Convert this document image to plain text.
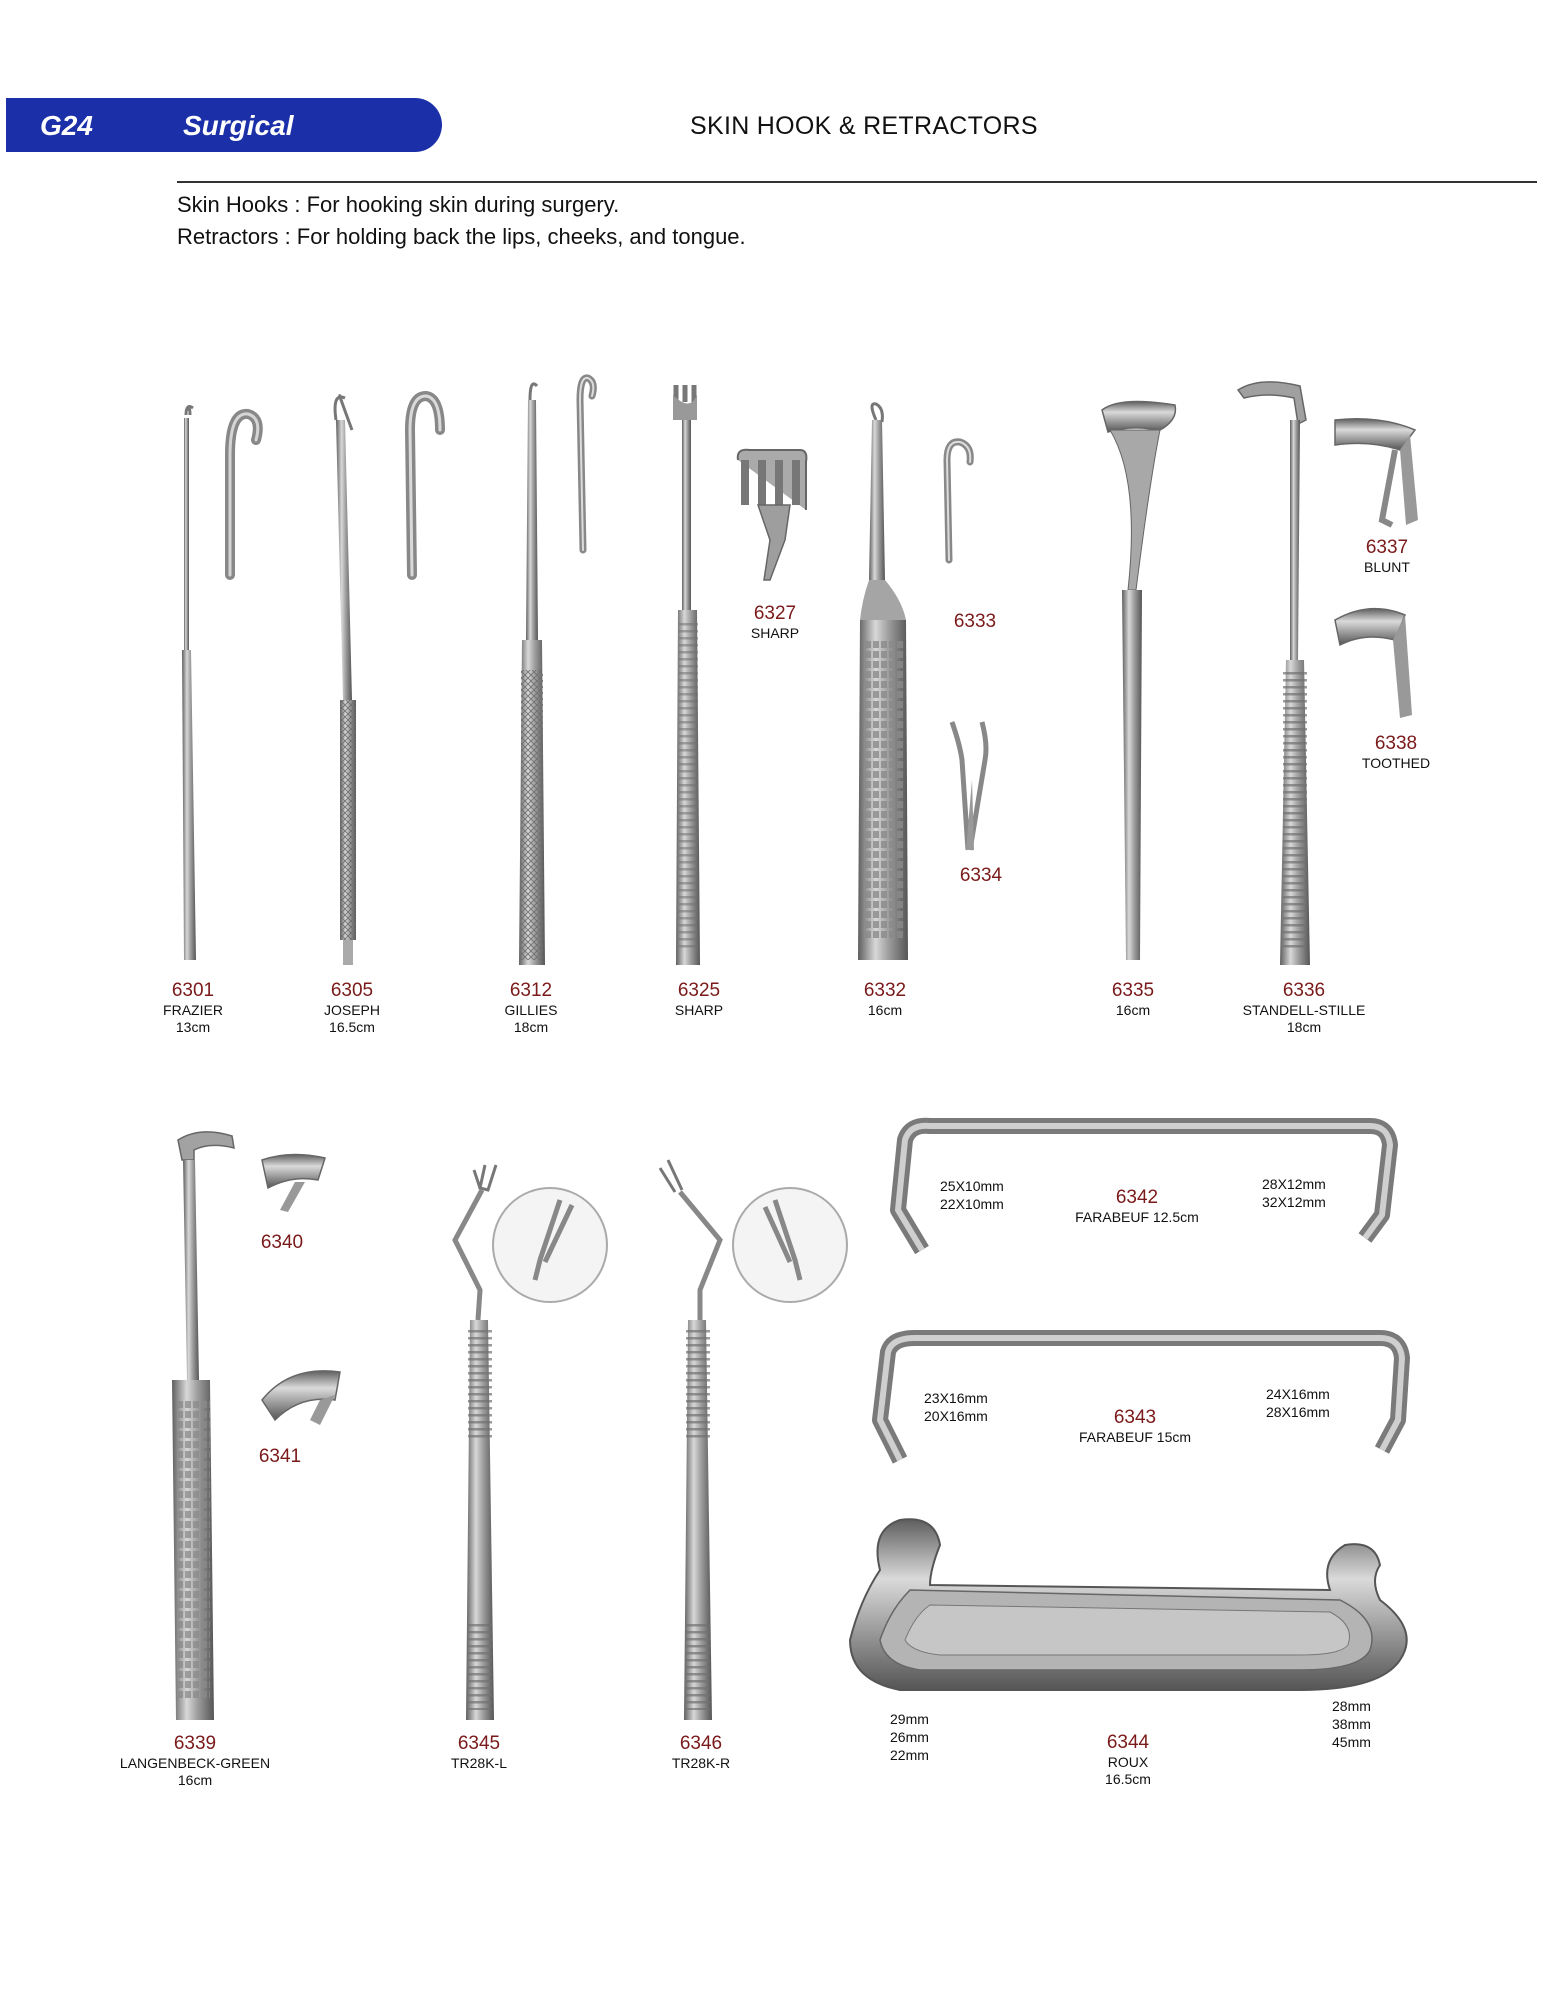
G24	Surgical	SKIN HOOK & RETRACTORS
Skin Hooks : For hooking skin during surgery.
Retractors : For holding back the lips, cheeks, and tongue.
6301
FRAZIER
13cm
6305
JOSEPH
16.5cm
6312
GILLIES
18cm
6325
SHARP
6327
SHARP
6332
16cm
6333
6334
6335
16cm
6336
STANDELL-STILLE
18cm
6337
BLUNT
6338
TOOTHED
6339
LANGENBECK-GREEN
16cm
6340
6341
6345
TR28K-L
6346
TR28K-R
25X10mm
22X10mm	6342
FARABEUF 12.5cm
28X12mm
32X12mm
23X16mm
20X16mm	6343
FARABEUF 15cm
24X16mm
28X16mm
29mm
26mm
22mm
6344
ROUX
16.5cm
28mm
38mm
45mm
